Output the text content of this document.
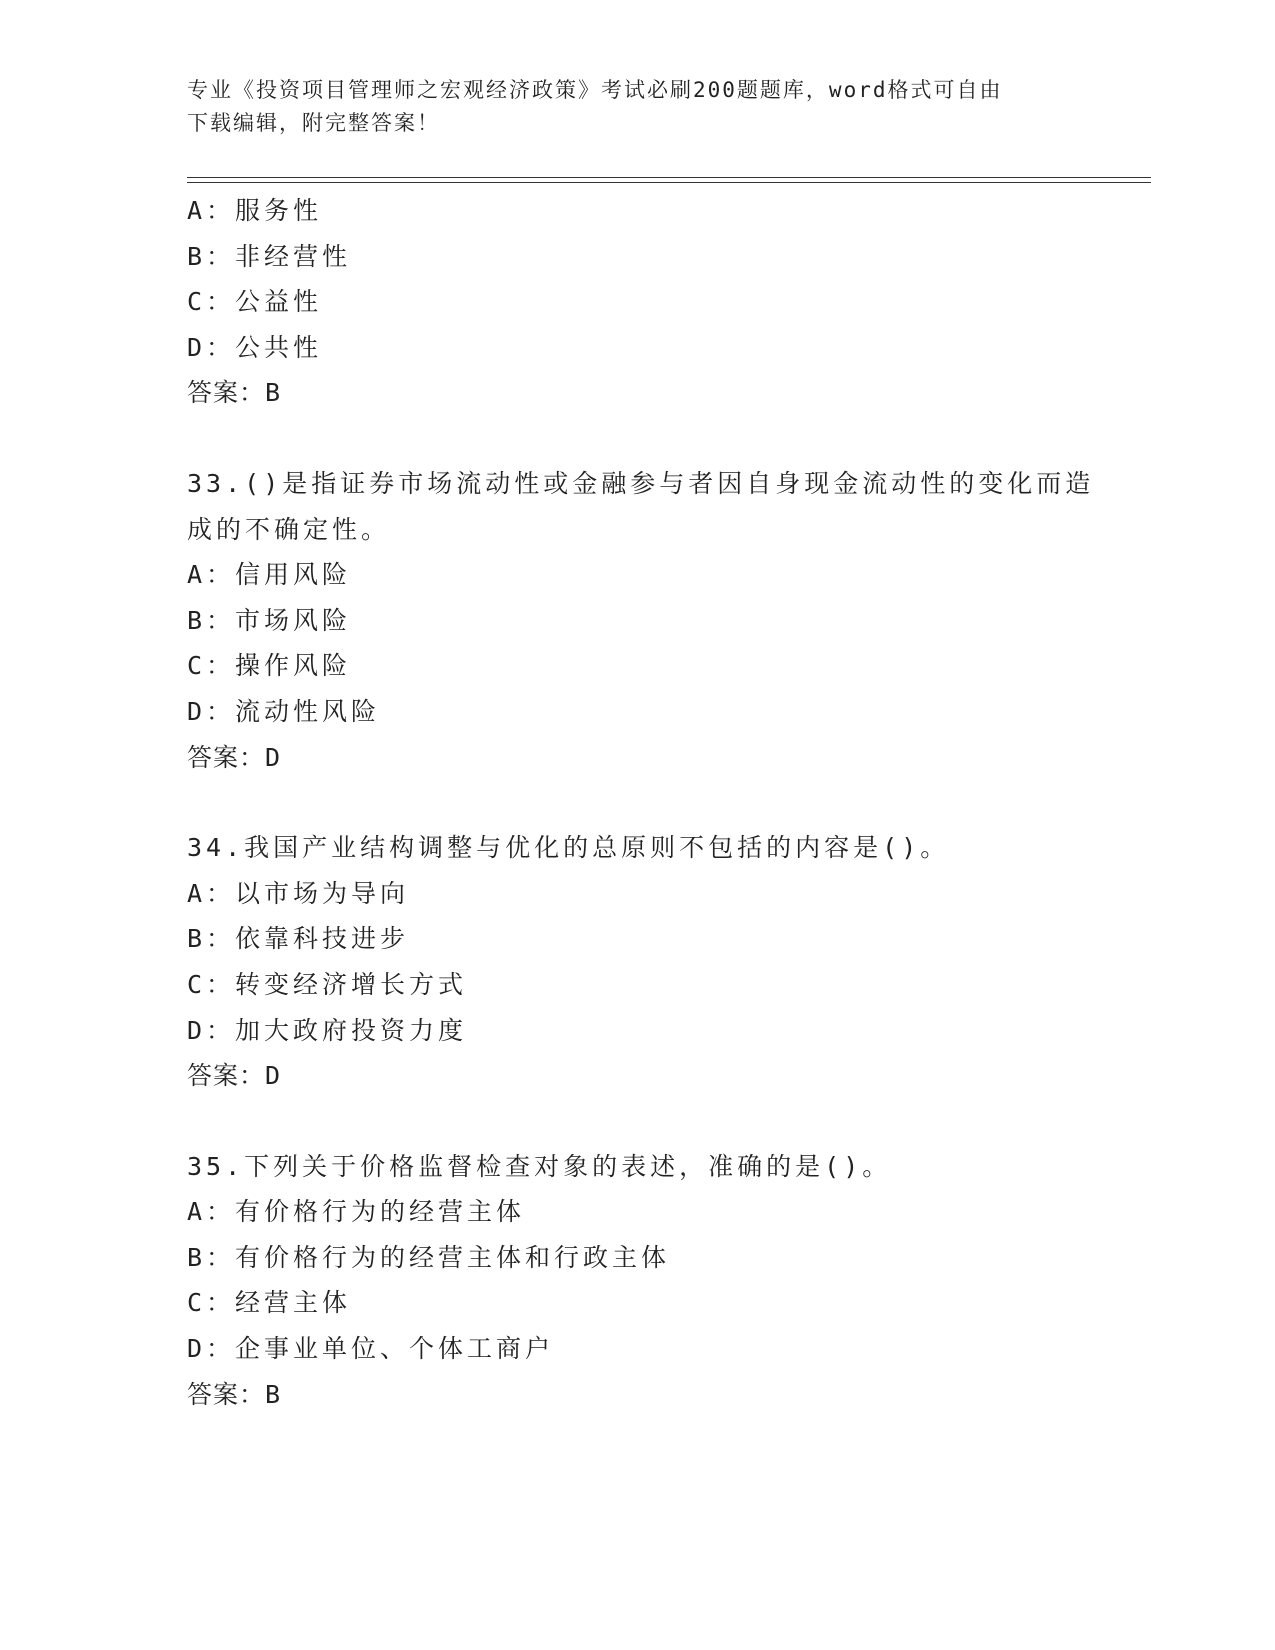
专业《投资项目管理师之宏观经济政策》考试必刷200题题库，word格式可自由
下载编辑，附完整答案！
A：服务性
B：非经营性
C：公益性
D：公共性
答案：B
33.()是指证券市场流动性或金融参与者因自身现金流动性的变化而造
成的不确定性。
A：信用风险
B：市场风险
C：操作风险
D：流动性风险
答案：D
34.我国产业结构调整与优化的总原则不包括的内容是()。
A：以市场为导向
B：依靠科技进步
C：转变经济增长方式
D：加大政府投资力度
答案：D
35.下列关于价格监督检查对象的表述，准确的是()。
A：有价格行为的经营主体
B：有价格行为的经营主体和行政主体
C：经营主体
D：企事业单位、个体工商户
答案：B
